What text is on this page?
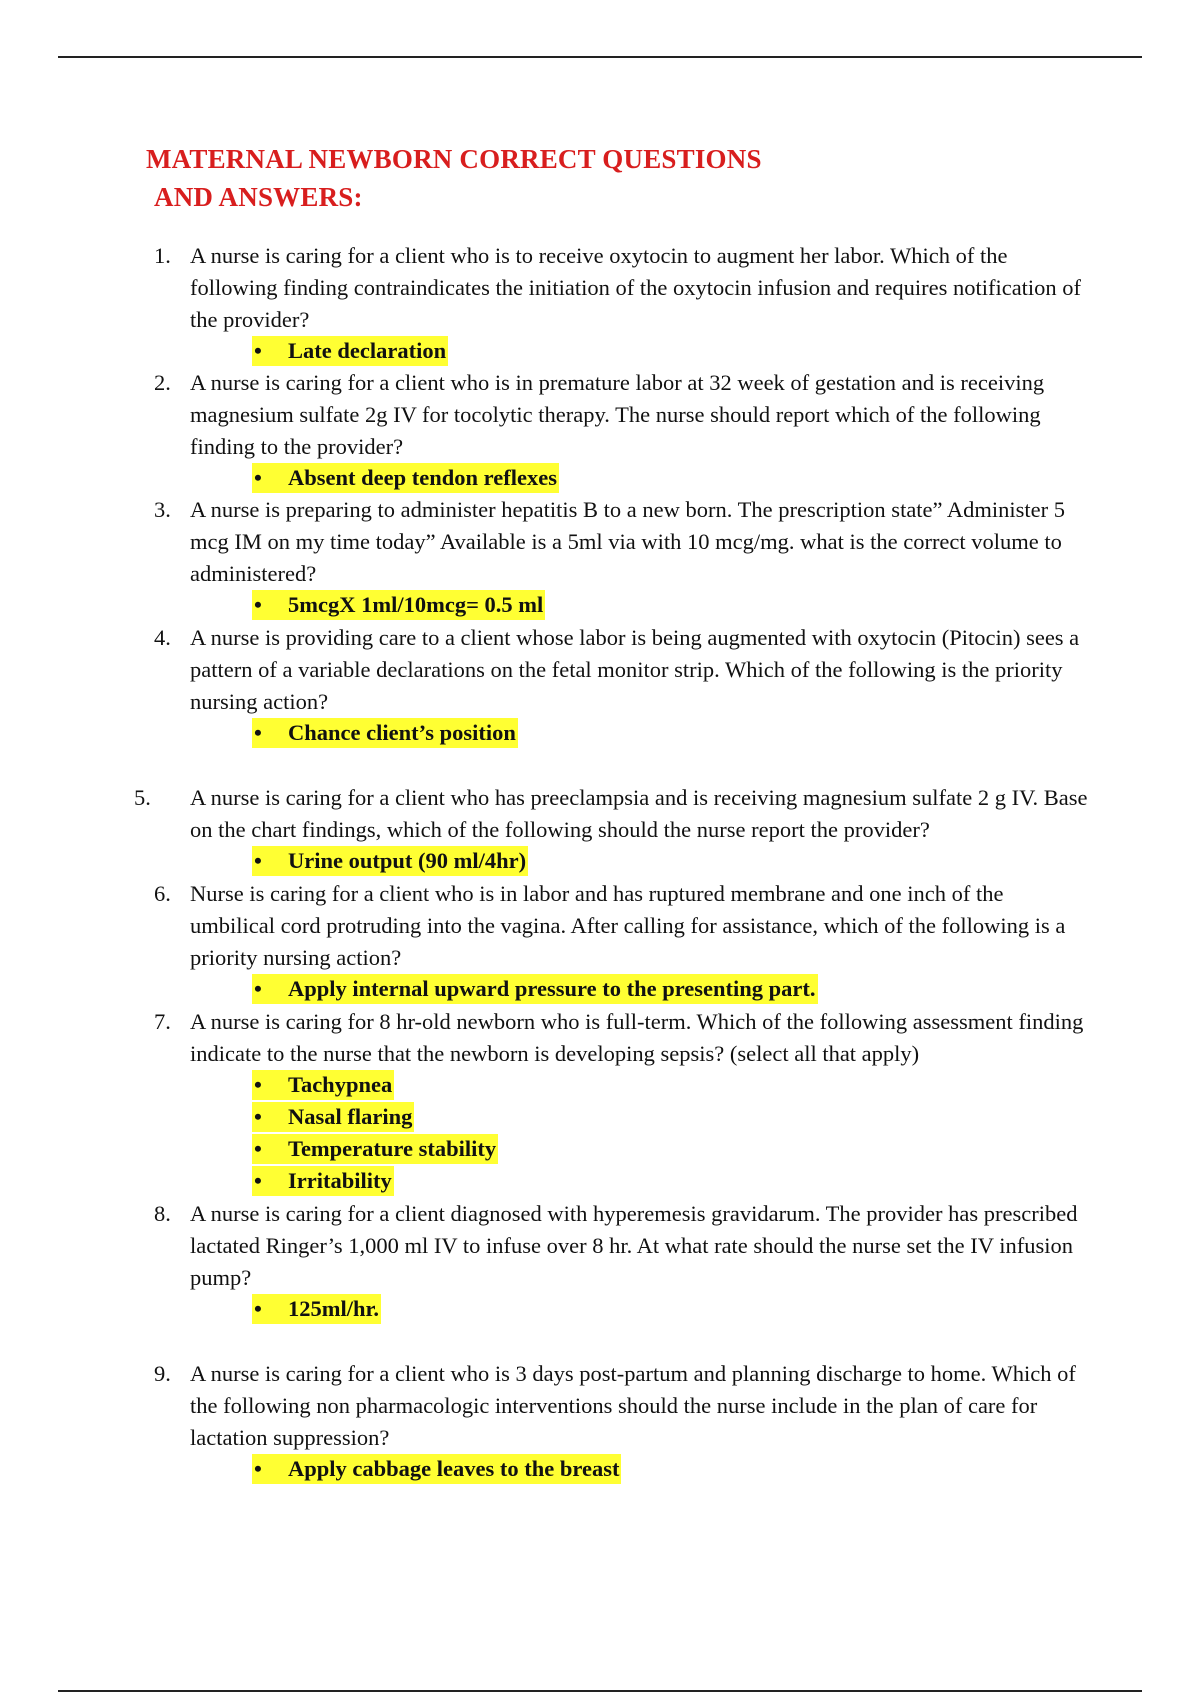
MATERNAL NEWBORN CORRECT QUESTIONS
AND ANSWERS:
1. A nurse is caring for a client who is to receive oxytocin to augment her labor. Which of the following finding contraindicates the initiation of the oxytocin infusion and requires notification of the provider?
•	Late declaration
2. A nurse is caring for a client who is in premature labor at 32 week of gestation and is receiving magnesium sulfate 2g IV for tocolytic therapy. The nurse should report which of the following finding to the provider?
•	Absent deep tendon reflexes
3. A nurse is preparing to administer hepatitis B to a new born. The prescription state” Administer 5 mcg IM on my time today” Available is a 5ml via with 10 mcg/mg. what is the correct volume to administered?
•	5mcgX 1ml/10mcg= 0.5 ml
4. A nurse is providing care to a client whose labor is being augmented with oxytocin (Pitocin) sees a pattern of a variable declarations on the fetal monitor strip. Which of the following is the priority nursing action?
•	Chance client’s position
5.	A nurse is caring for a client who has preeclampsia and is receiving magnesium sulfate 2 g IV. Base on the chart findings, which of the following should the nurse report the provider?
•	Urine output (90 ml/4hr)
6. Nurse is caring for a client who is in labor and has ruptured membrane and one inch of the umbilical cord protruding into the vagina. After calling for assistance, which of the following is a priority nursing action?
•	Apply internal upward pressure to the presenting part.
7. A nurse is caring for 8 hr-old newborn who is full-term. Which of the following assessment finding indicate to the nurse that the newborn is developing sepsis? (select all that apply)
•	Tachypnea
•	Nasal flaring
•	Temperature stability
•	Irritability
8. A nurse is caring for a client diagnosed with hyperemesis gravidarum. The provider has prescribed lactated Ringer’s 1,000 ml IV to infuse over 8 hr. At what rate should the nurse set the IV infusion pump?
•	125ml/hr.
9. A nurse is caring for a client who is 3 days post-partum and planning discharge to home. Which of the following non pharmacologic interventions should the nurse include in the plan of care for lactation suppression?
•	Apply cabbage leaves to the breast
